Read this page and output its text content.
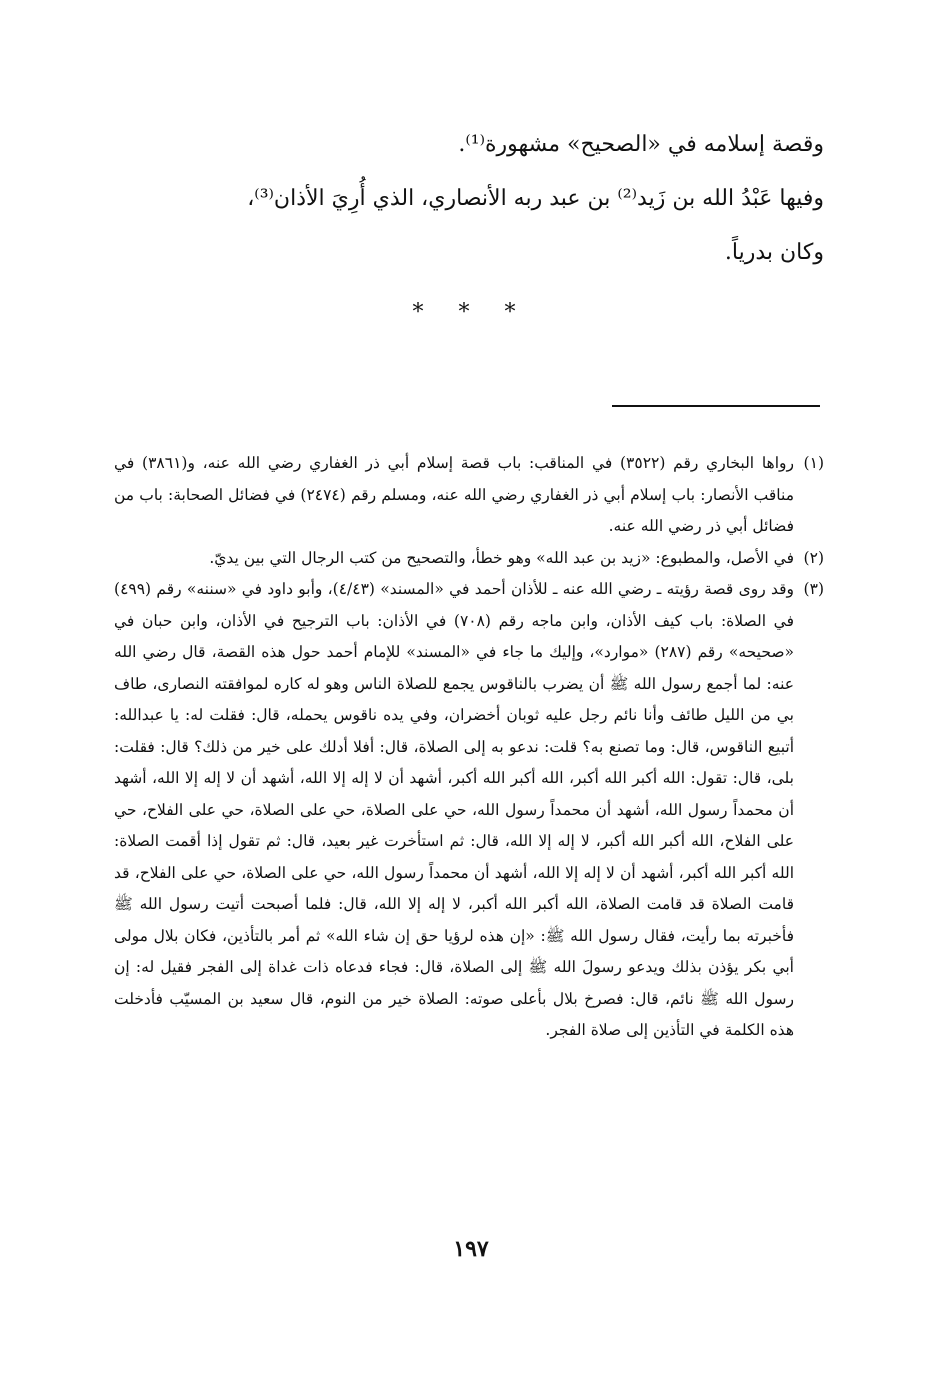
وقصة إسلامه في «الصحيح» مشهورة⁽¹⁾.

وفيها عَبْدُ الله بن زَيد⁽²⁾ بن عبد ربه الأنصاري، الذي أُرِيَ الأذان⁽³⁾،

وكان بدرياً.

* * *

(١)
رواها البخاري رقم (٣٥٢٢) في المناقب: باب قصة إسلام أبي ذر الغفاري رضي الله عنه، و(٣٨٦١) في مناقب الأنصار: باب إسلام أبي ذر الغفاري رضي الله عنه، ومسلم رقم (٢٤٧٤) في فضائل الصحابة: باب من فضائل أبي ذر رضي الله عنه.

(٢)
في الأصل، والمطبوع: «زيد بن عبد الله» وهو خطأ، والتصحيح من كتب الرجال التي بين يديّ.

(٣)
وقد روى قصة رؤيته ـ رضي الله عنه ـ للأذان أحمد في «المسند» (٤/٤٣)، وأبو داود في «سننه» رقم (٤٩٩) في الصلاة: باب كيف الأذان، وابن ماجه رقم (٧٠٨) في الأذان: باب الترجيح في الأذان، وابن حبان في «صحيحه» رقم (٢٨٧) «موارد»، وإليك ما جاء في «المسند» للإمام أحمد حول هذه القصة، قال رضي الله عنه: لما أجمع رسول الله ﷺ أن يضرب بالناقوس يجمع للصلاة الناس وهو له كاره لموافقته النصارى، طاف بي من الليل طائف وأنا نائم رجل عليه ثوبان أخضران، وفي يده ناقوس يحمله، قال: فقلت له: يا عبدالله: أتبيع الناقوس، قال: وما تصنع به؟ قلت: ندعو به إلى الصلاة، قال: أفلا أدلك على خير من ذلك؟ قال: فقلت: بلى، قال: تقول: الله أكبر الله أكبر، الله أكبر الله أكبر، أشهد أن لا إله إلا الله، أشهد أن لا إله إلا الله، أشهد أن محمداً رسول الله، أشهد أن محمداً رسول الله، حي على الصلاة، حي على الصلاة، حي على الفلاح، حي على الفلاح، الله أكبر الله أكبر، لا إله إلا الله، قال: ثم استأخرت غير بعيد، قال: ثم تقول إذا أقمت الصلاة: الله أكبر الله أكبر، أشهد أن لا إله إلا الله، أشهد أن محمداً رسول الله، حي على الصلاة، حي على الفلاح، قد قامت الصلاة قد قامت الصلاة، الله أكبر الله أكبر، لا إله إلا الله، قال: فلما أصبحت أتيت رسول الله ﷺ فأخبرته بما رأيت، فقال رسول الله ﷺ: «إن هذه لرؤيا حق إن شاء الله» ثم أمر بالتأذين، فكان بلال مولى أبي بكر يؤذن بذلك ويدعو رسولَ الله ﷺ إلى الصلاة، قال: فجاء فدعاه ذات غداة إلى الفجر فقيل له: إن رسول الله ﷺ نائم، قال: فصرخ بلال بأعلى صوته: الصلاة خير من النوم، قال سعيد بن المسيّب فأدخلت هذه الكلمة في التأذين إلى صلاة الفجر.

١٩٧
